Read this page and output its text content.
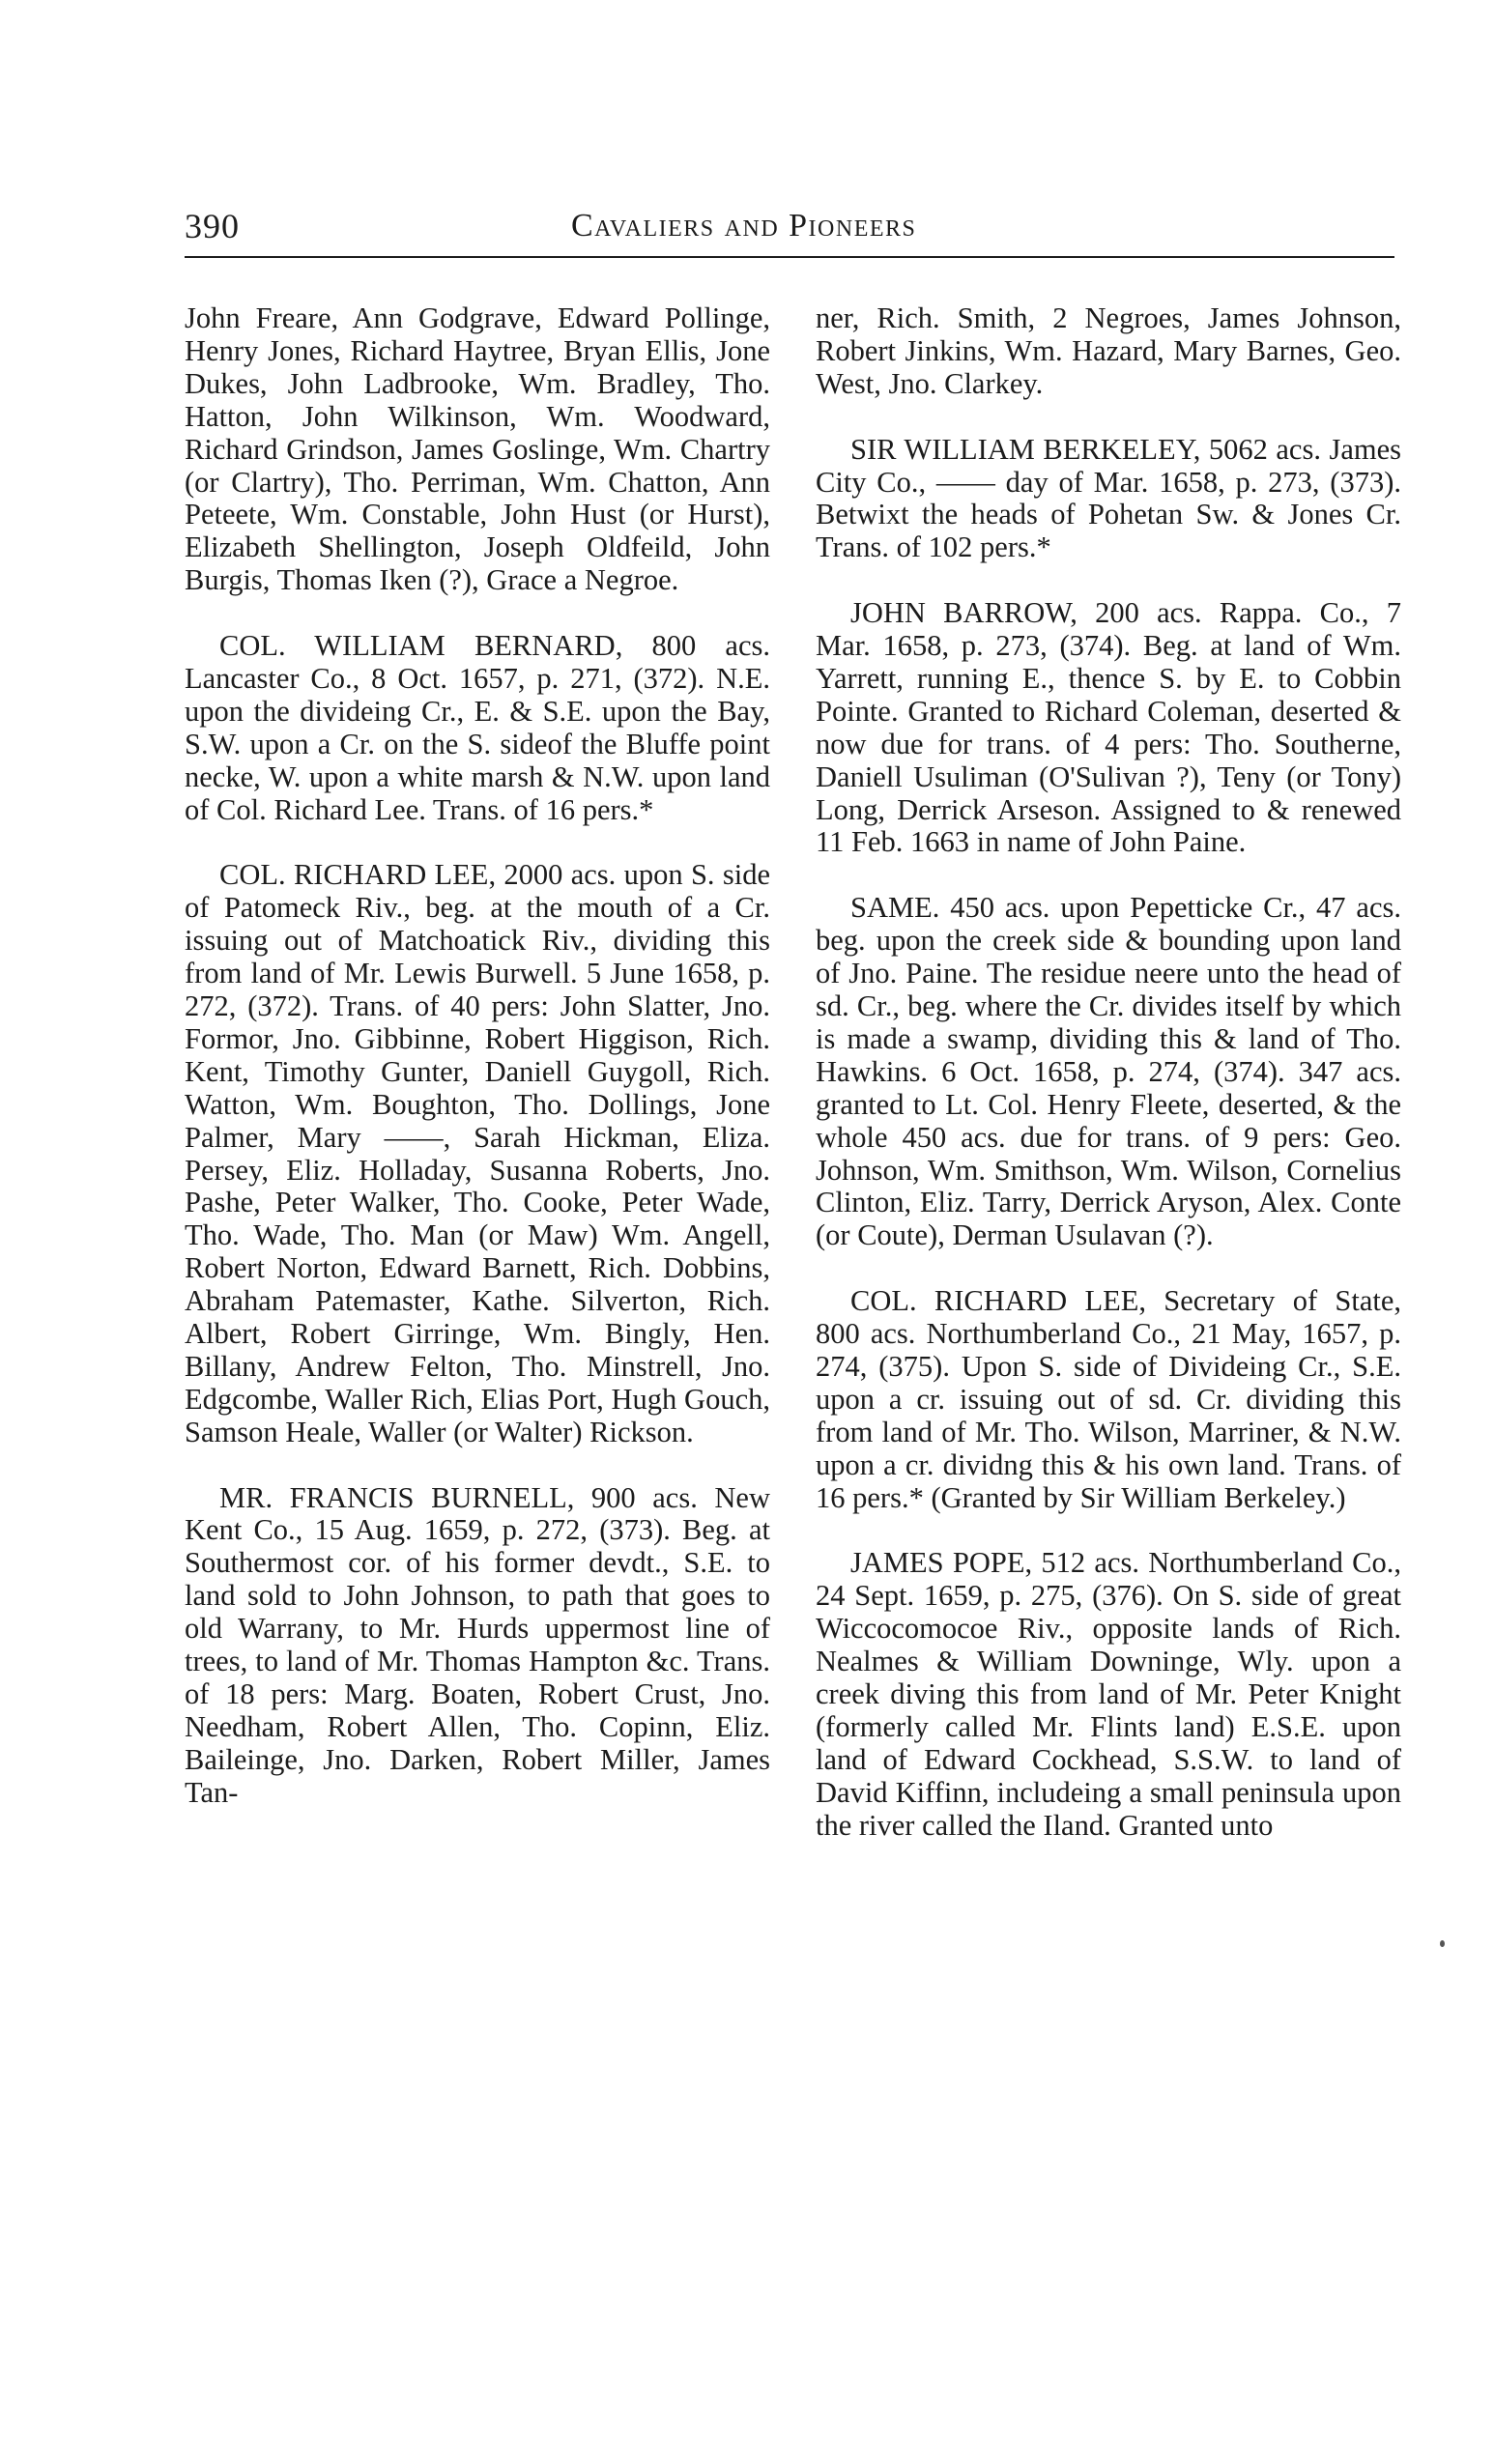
390	Cavaliers and Pioneers

John Freare, Ann Godgrave, Edward Pollinge, Henry Jones, Richard Haytree, Bryan Ellis, Jone Dukes, John Ladbrooke, Wm. Bradley, Tho. Hatton, John Wilkinson, Wm. Woodward, Richard Grindson, James Goslinge, Wm. Chartry (or Clartry), Tho. Perriman, Wm. Chatton, Ann Peteete, Wm. Constable, John Hust (or Hurst), Elizabeth Shellington, Joseph Oldfeild, John Burgis, Thomas Iken (?), Grace a Negroe.

COL. WILLIAM BERNARD, 800 acs. Lancaster Co., 8 Oct. 1657, p. 271, (372). N.E. upon the divideing Cr., E. & S.E. upon the Bay, S.W. upon a Cr. on the S. sideof the Bluffe point necke, W. upon a white marsh & N.W. upon land of Col. Richard Lee. Trans. of 16 pers.*

COL. RICHARD LEE, 2000 acs. upon S. side of Patomeck Riv., beg. at the mouth of a Cr. issuing out of Matchoatick Riv., dividing this from land of Mr. Lewis Burwell. 5 June 1658, p. 272, (372). Trans. of 40 pers: John Slatter, Jno. Formor, Jno. Gibbinne, Robert Higgison, Rich. Kent, Timothy Gunter, Daniell Guygoll, Rich. Watton, Wm. Boughton, Tho. Dollings, Jone Palmer, Mary ——, Sarah Hickman, Eliza. Persey, Eliz. Holladay, Susanna Roberts, Jno. Pashe, Peter Walker, Tho. Cooke, Peter Wade, Tho. Wade, Tho. Man (or Maw) Wm. Angell, Robert Norton, Edward Barnett, Rich. Dobbins, Abraham Patemaster, Kathe. Silverton, Rich. Albert, Robert Girringe, Wm. Bingly, Hen. Billany, Andrew Felton, Tho. Minstrell, Jno. Edgcombe, Waller Rich, Elias Port, Hugh Gouch, Samson Heale, Waller (or Walter) Rickson.

MR. FRANCIS BURNELL, 900 acs. New Kent Co., 15 Aug. 1659, p. 272, (373). Beg. at Southermost cor. of his former devdt., S.E. to land sold to John Johnson, to path that goes to old Warrany, to Mr. Hurds uppermost line of trees, to land of Mr. Thomas Hampton &c. Trans. of 18 pers: Marg. Boaten, Robert Crust, Jno. Needham, Robert Allen, Tho. Copinn, Eliz. Baileinge, Jno. Darken, Robert Miller, James Tan-

ner, Rich. Smith, 2 Negroes, James Johnson, Robert Jinkins, Wm. Hazard, Mary Barnes, Geo. West, Jno. Clarkey.

SIR WILLIAM BERKELEY, 5062 acs. James City Co., —— day of Mar. 1658, p. 273, (373). Betwixt the heads of Pohetan Sw. & Jones Cr. Trans. of 102 pers.*

JOHN BARROW, 200 acs. Rappa. Co., 7 Mar. 1658, p. 273, (374). Beg. at land of Wm. Yarrett, running E., thence S. by E. to Cobbin Pointe. Granted to Richard Coleman, deserted & now due for trans. of 4 pers: Tho. Southerne, Daniell Usuliman (O'Sulivan ?), Teny (or Tony) Long, Derrick Arseson. Assigned to & renewed 11 Feb. 1663 in name of John Paine.

SAME. 450 acs. upon Pepetticke Cr., 47 acs. beg. upon the creek side & bounding upon land of Jno. Paine. The residue neere unto the head of sd. Cr., beg. where the Cr. divides itself by which is made a swamp, dividing this & land of Tho. Hawkins. 6 Oct. 1658, p. 274, (374). 347 acs. granted to Lt. Col. Henry Fleete, deserted, & the whole 450 acs. due for trans. of 9 pers: Geo. Johnson, Wm. Smithson, Wm. Wilson, Cornelius Clinton, Eliz. Tarry, Derrick Aryson, Alex. Conte (or Coute), Derman Usulavan (?).

COL. RICHARD LEE, Secretary of State, 800 acs. Northumberland Co., 21 May, 1657, p. 274, (375). Upon S. side of Divideing Cr., S.E. upon a cr. issuing out of sd. Cr. dividing this from land of Mr. Tho. Wilson, Marriner, & N.W. upon a cr. dividng this & his own land. Trans. of 16 pers.* (Granted by Sir William Berkeley.)

JAMES POPE, 512 acs. Northumberland Co., 24 Sept. 1659, p. 275, (376). On S. side of great Wiccocomocoe Riv., opposite lands of Rich. Nealmes & William Downinge, Wly. upon a creek diving this from land of Mr. Peter Knight (formerly called Mr. Flints land) E.S.E. upon land of Edward Cockhead, S.S.W. to land of David Kiffinn, includeing a small peninsula upon the river called the Iland. Granted unto
